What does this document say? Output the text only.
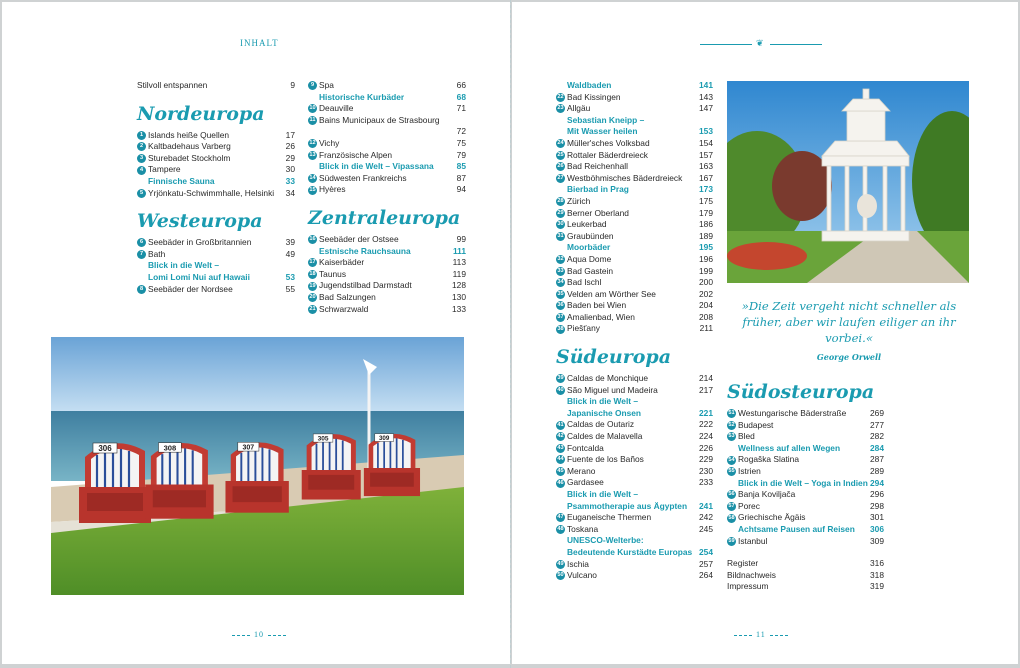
INHALT	❦
10	11
Stilvoll entspannen	9
Nordeuropa
1 Islands heiße Quellen	17
2 Kaltbadehaus Varberg	26
3 Sturebadet Stockholm	29
4 Tampere	30
Finnische Sauna	33
5 Yrjönkatu-Schwimmhalle, Helsinki 34
Westeuropa
6 Seebäder in Großbritannien	39
7 Bath	49
Blick in die Welt –
Lomi Lomi Nui auf Hawaii	53
8 Seebäder der Nordsee	55
9 Spa	66
Historische Kurbäder	68
10 Deauville	71
11 Bains Municipaux de Strasbourg
72
12 Vichy	75
13 Französische Alpen	79
Blick in die Welt – Vipassana	85
14 Südwesten Frankreichs	87
15 Hyères	94
Zentraleuropa
16 Seebäder der Ostsee	99
Estnische Rauchsauna	111
17 Kaiserbäder	113
18 Taunus	119
19 Jugendstilbad Darmstadt	128
20 Bad Salzungen	130
21 Schwarzwald	133
Waldbaden	141
22 Bad Kissingen	143
23 Allgäu	147
Sebastian Kneipp –
Mit Wasser heilen	153
24 Müller'sches Volksbad	154
25 Rottaler Bäderdreieck	157
26 Bad Reichenhall	163
27 Westböhmisches Bäderdreieck 167
Bierbad in Prag	173
28 Zürich	175
29 Berner Oberland	179
30 Leukerbad	186
31 Graubünden	189
Moorbäder	195
32 Aqua Dome	196
33 Bad Gastein	199
34 Bad Ischl	200
35 Velden am Wörther See	202
36 Baden bei Wien	204
37 Amalienbad, Wien	208
38 Piešťany	211
Südeuropa
39 Caldas de Monchique	214
40 São Miguel und Madeira	217
Blick in die Welt –
Japanische Onsen	221
41 Caldas de Outariz	222
42 Caldes de Malavella	224
43 Fontcalda	226
44 Fuente de los Baños	229
45 Merano	230
46 Gardasee	233
Blick in die Welt –
Psammotherapie aus Ägypten 241
47 Euganeische Thermen	242
48 Toskana	245
UNESCO-Welterbe:
Bedeutende Kurstädte Europas 254
49 Ischia	257
50 Vulcano	264
Südosteuropa
51 Westungarische Bäderstraße	269
52 Budapest	277
53 Bled	282
Wellness auf allen Wegen	284
54 Rogaška Slatina	287
55 Istrien	289
Blick in die Welt – Yoga in Indien 294
56 Banja Koviljača	296
57 Porec	298
58 Griechische Ägäis	301
Achtsame Pausen auf Reisen 306
59 Istanbul	309
Register	316
Bildnachweis	318
Impressum	319
306	308	307
305	309
»Die Zeit vergeht nicht schneller als früher, aber wir laufen eiliger an ihr vorbei.«
George Orwell
